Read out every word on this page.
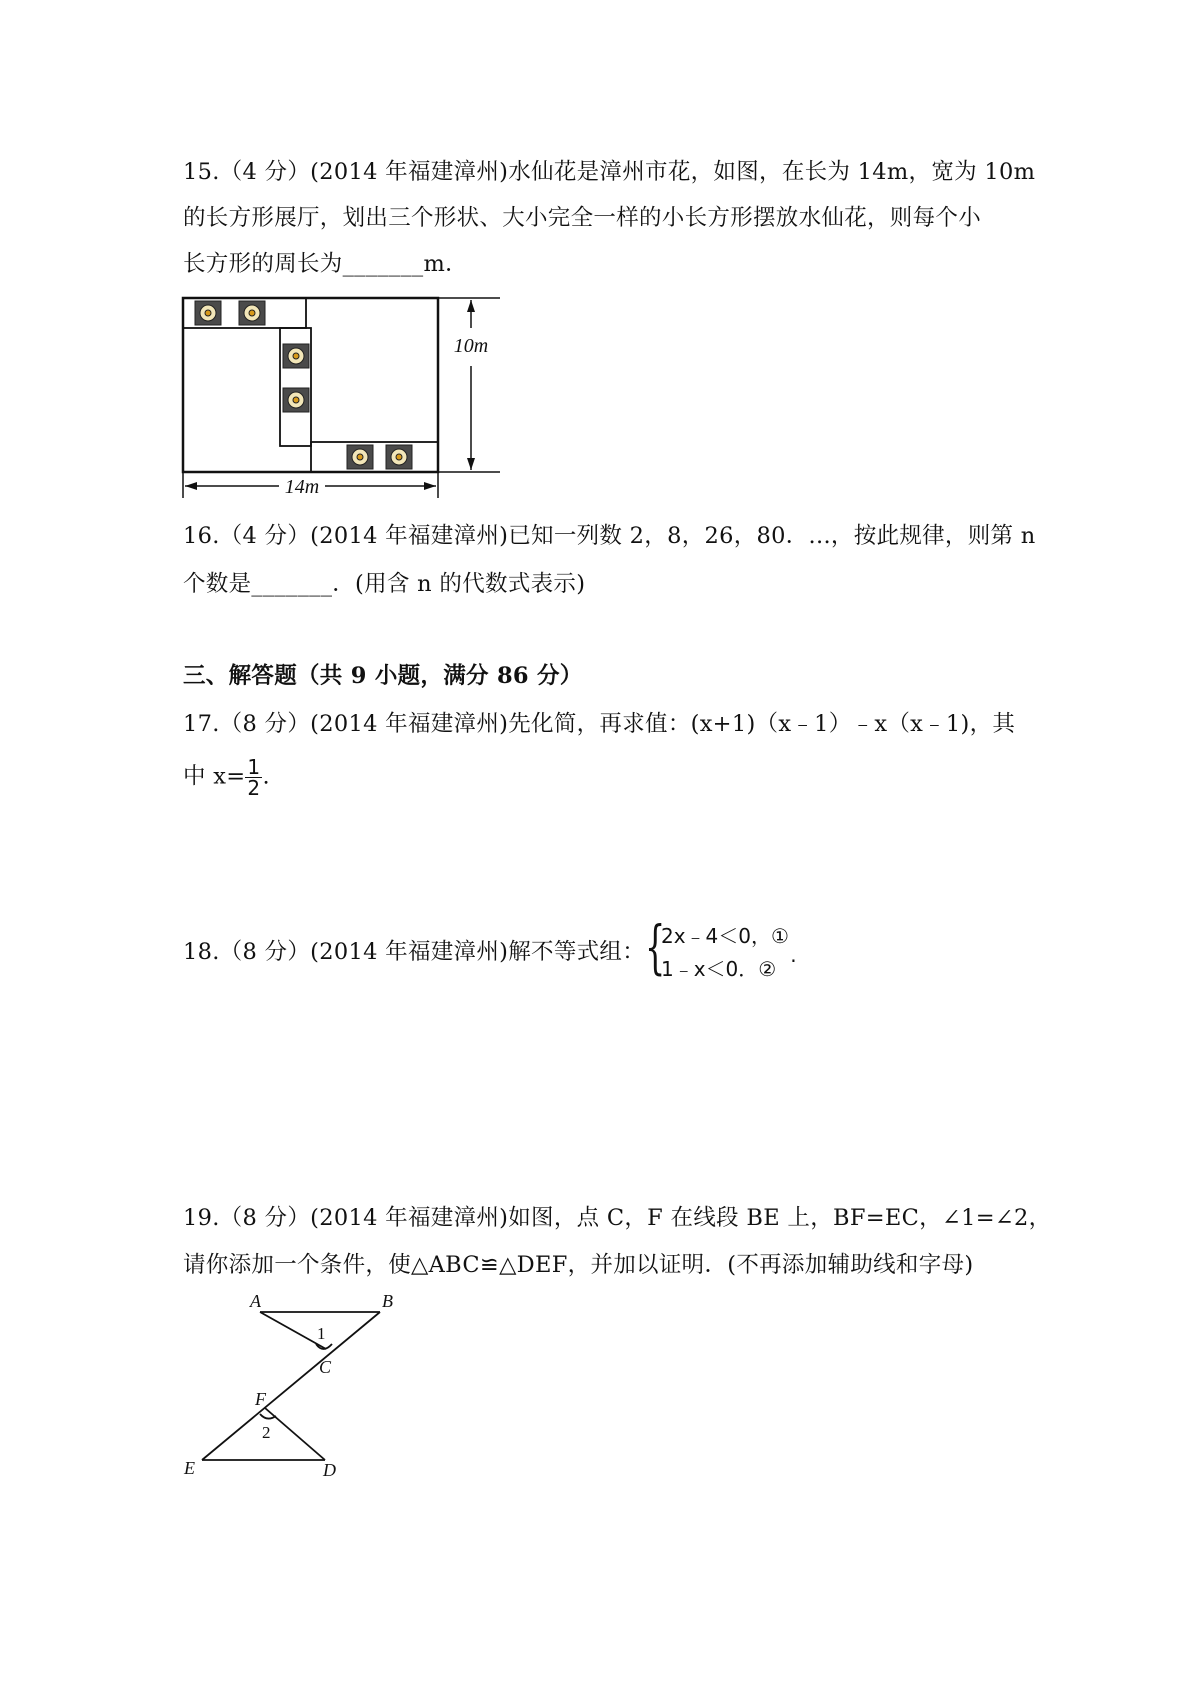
15.（4 分）(2014 年福建漳州)水仙花是漳州市花，如图，在长为 14m，宽为 10m
的长方形展厅，划出三个形状、大小完全一样的小长方形摆放水仙花，则每个小
长方形的周长为_______m．
10m
14m
16.（4 分）(2014 年福建漳州)已知一列数 2，8，26，80．...，按此规律，则第 n
个数是_______．(用含 n 的代数式表示)
三、解答题（共 9 小题，满分 86 分）
17.（8 分）(2014 年福建漳州)先化简，再求值：(x+1)（x﹣1）﹣x（x﹣1)，其
中 $x= \frac{1}{2}$ .
18.（8 分）(2014 年福建漳州)解不等式组： {
2x﹣4＜0，①
1﹣x＜0．②.
19.（8 分）(2014 年福建漳州)如图，点 C，F 在线段 BE 上，BF=EC，∠1=∠2，
请你添加一个条件，使△ABC≌△DEF，并加以证明．(不再添加辅助线和字母)
A	B
C
F
E	D
1
2
